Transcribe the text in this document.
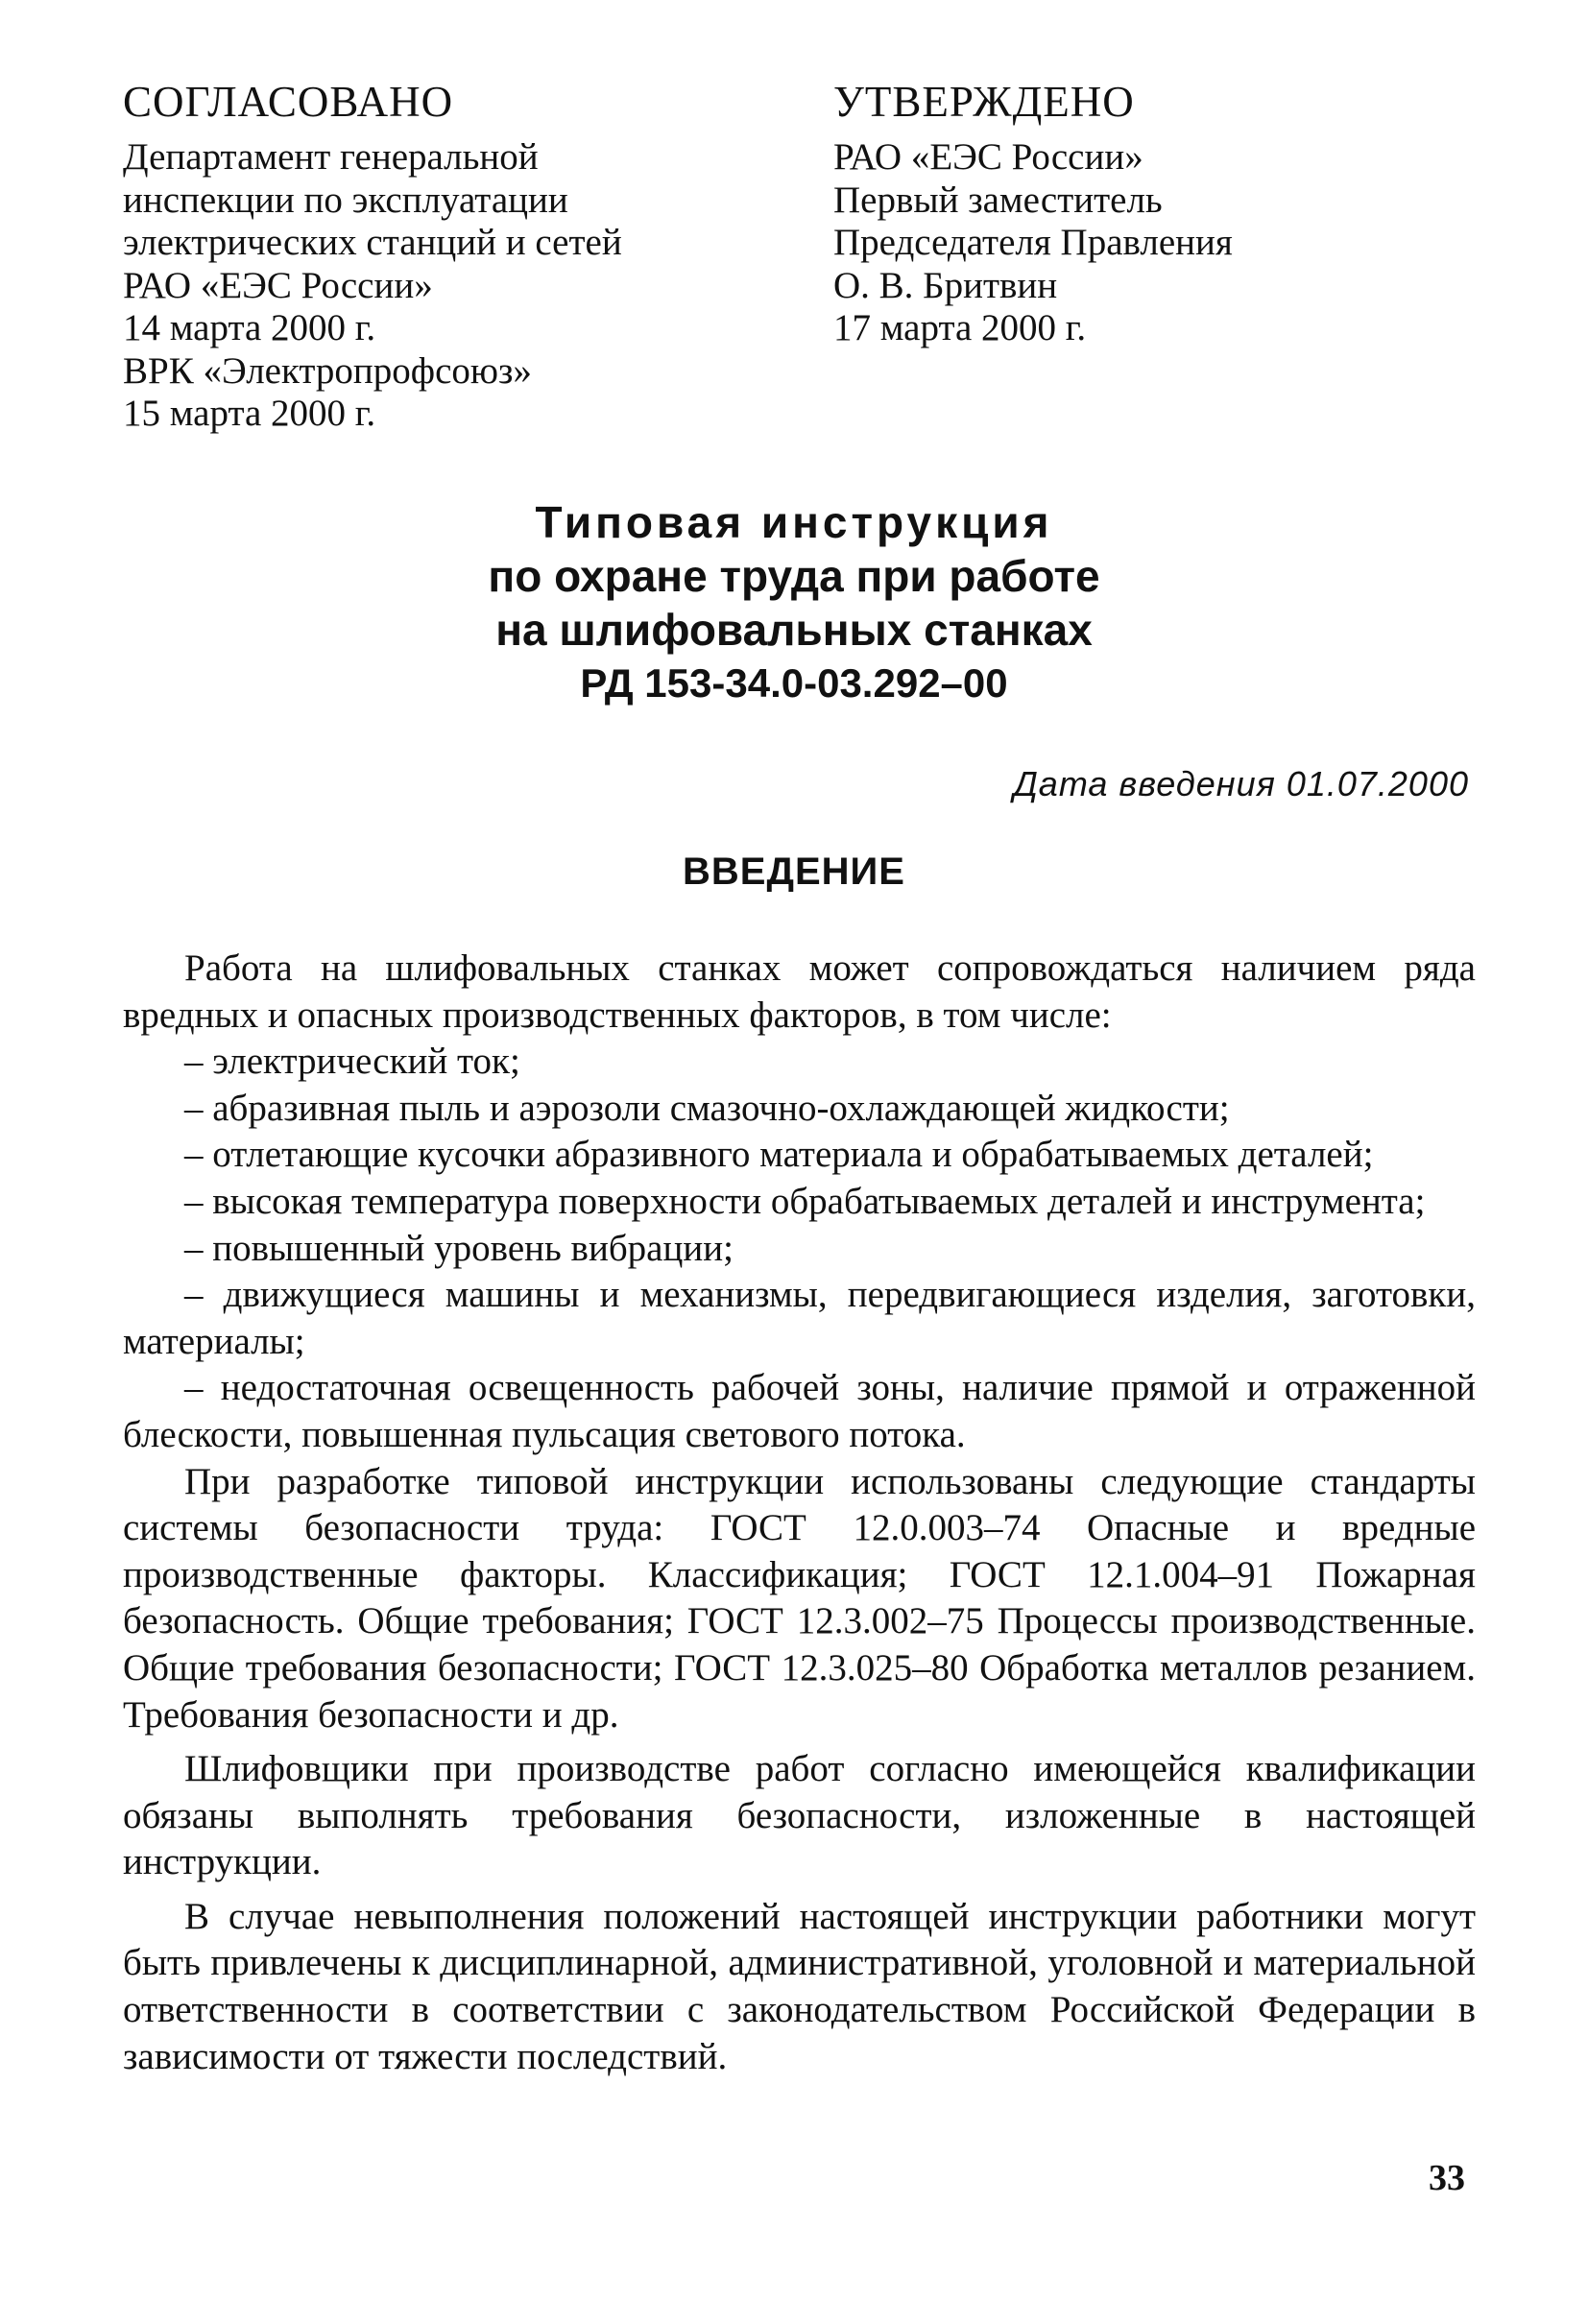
СОГЛАСОВАНО
Департамент генеральной
инспекции по эксплуатации
электрических станций и сетей
РАО «ЕЭС России»
14 марта 2000 г.
ВРК «Электропрофсоюз»
15 марта 2000 г.
УТВЕРЖДЕНО
РАО «ЕЭС России»
Первый заместитель
Председателя Правления
О. В. Бритвин
17 марта 2000 г.
Типовая инструкция
по охране труда при работе
на шлифовальных станках
РД 153-34.0-03.292–00
Дата введения 01.07.2000
ВВЕДЕНИЕ

Работа на шлифовальных станках может сопровождаться наличием ряда вредных и опасных производственных факторов, в том числе:

– электрический ток;
– абразивная пыль и аэрозоли смазочно-охлаждающей жидкости;
– отлетающие кусочки абразивного материала и обрабатываемых деталей;
– высокая температура поверхности обрабатываемых деталей и инструмента;
– повышенный уровень вибрации;
– движущиеся машины и механизмы, передвигающиеся изделия, заготовки, материалы;
– недостаточная освещенность рабочей зоны, наличие прямой и отраженной блескости, повышенная пульсация светового потока.

При разработке типовой инструкции использованы следующие стандарты системы безопасности труда: ГОСТ 12.0.003–74 Опасные и вредные производственные факторы. Классификация; ГОСТ 12.1.004–91 Пожарная безопасность. Общие требования; ГОСТ 12.3.002–75 Процессы производственные. Общие требования безопасности; ГОСТ 12.3.025–80 Обработка металлов резанием. Требования безопасности и др.

Шлифовщики при производстве работ согласно имеющейся квалификации обязаны выполнять требования безопасности, изложенные в настоящей инструкции.

В случае невыполнения положений настоящей инструкции работники могут быть привлечены к дисциплинарной, административной, уголовной и материальной ответственности в соответствии с законодательством Российской Федерации в зависимости от тяжести последствий.

33
